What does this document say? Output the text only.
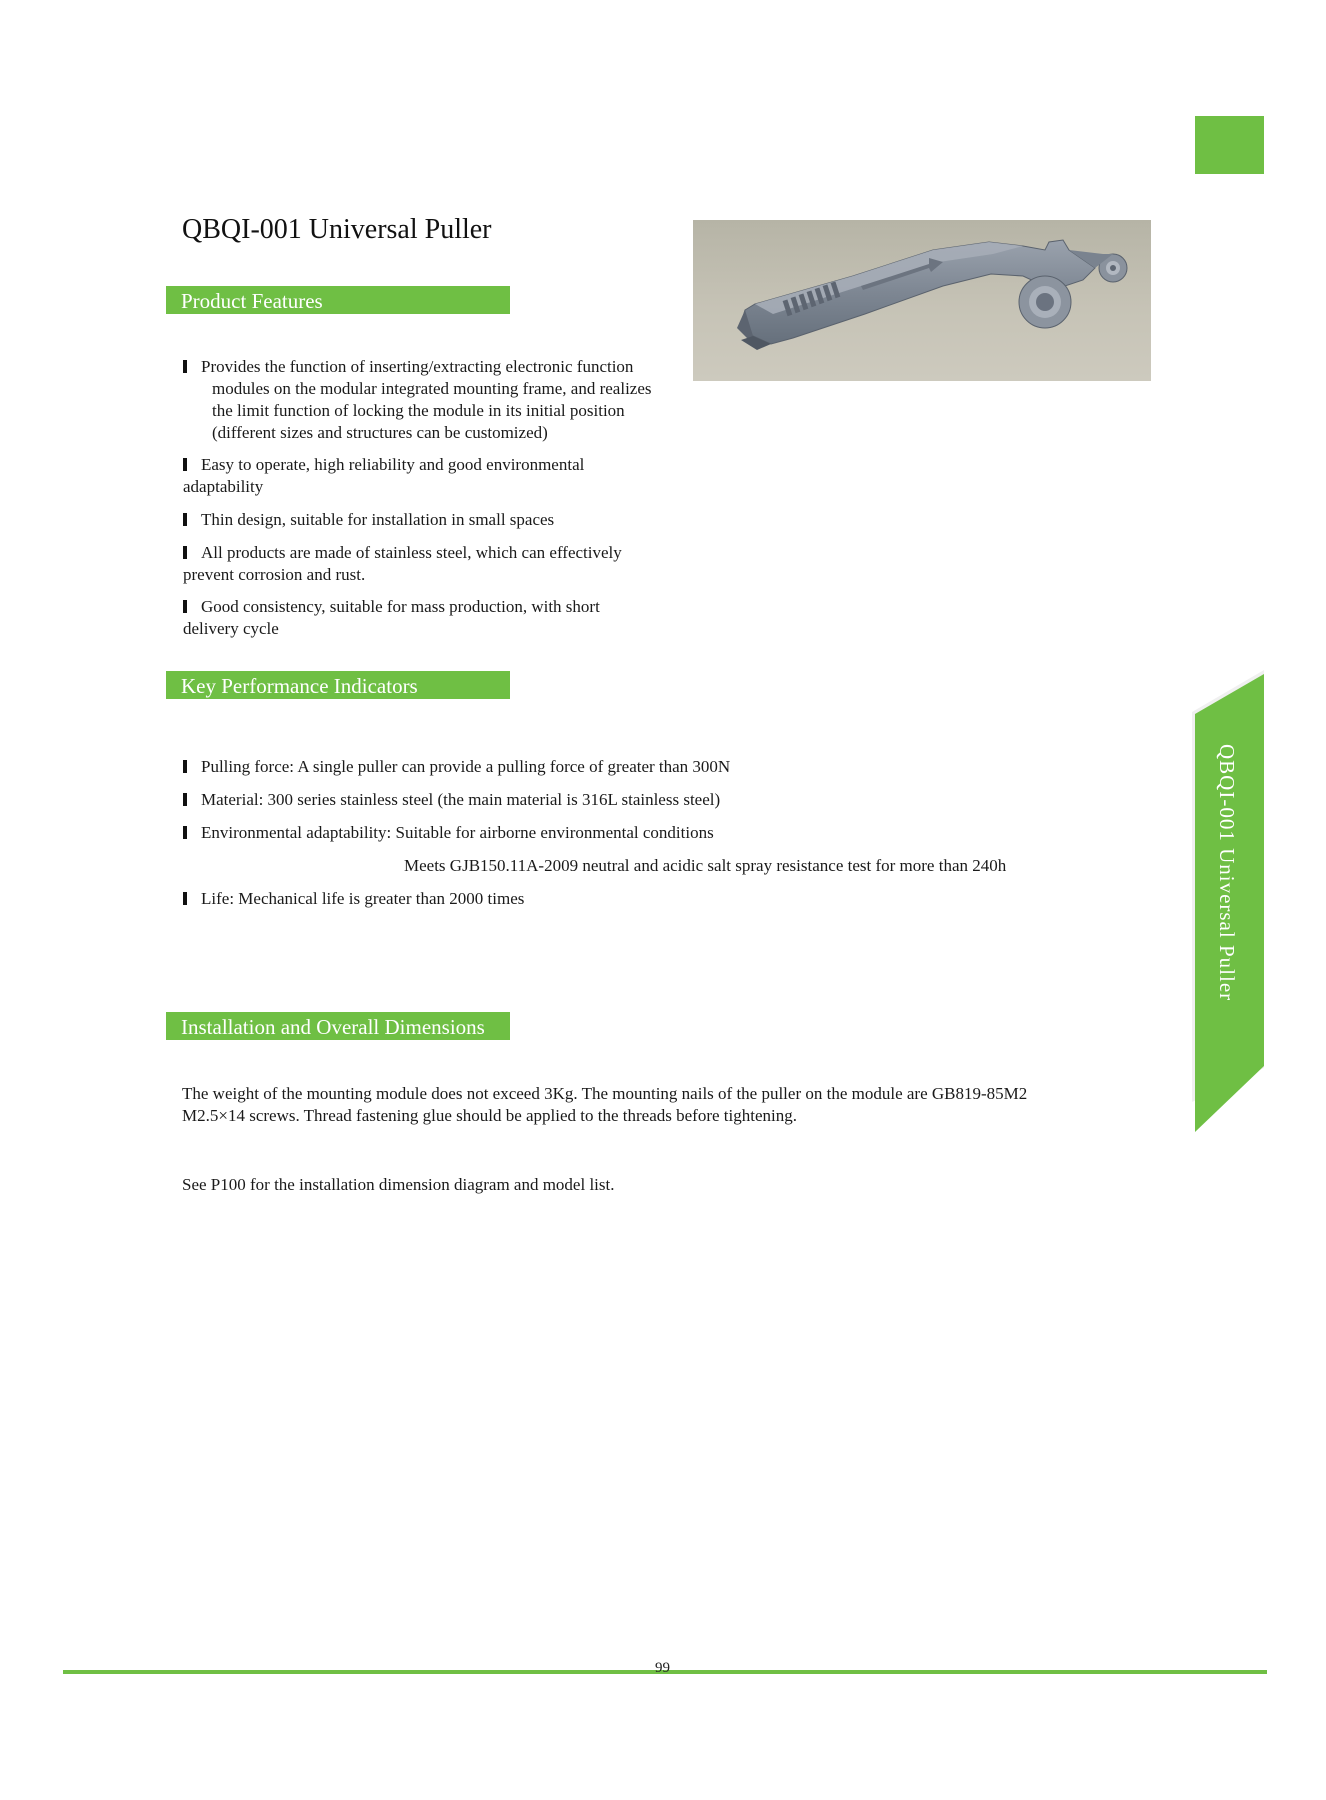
QBQI-001 Universal Puller
Product Features
Provides the function of inserting/extracting electronic function
modules on the modular integrated mounting frame, and realizes
the limit function of locking the module in its initial position
(different sizes and structures can be customized)
Easy to operate, high reliability and good environmental
adaptability
Thin design, suitable for installation in small spaces
All products are made of stainless steel, which can effectively
prevent corrosion and rust.
Good consistency, suitable for mass production, with short
delivery cycle
Key Performance Indicators
Pulling force: A single puller can provide a pulling force of greater than 300N
Material: 300 series stainless steel (the main material is 316L stainless steel)
Environmental adaptability: Suitable for airborne environmental conditions
Meets GJB150.11A-2009 neutral and acidic salt spray resistance test for more than 240h
Life: Mechanical life is greater than 2000 times
Installation and Overall Dimensions
The weight of the mounting module does not exceed 3Kg. The mounting nails of the puller on the module are GB819-85M2
M2.5×14 screws. Thread fastening glue should be applied to the threads before tightening.
See P100 for the installation dimension diagram and model list.
QBQI-001 Universal Puller
99
